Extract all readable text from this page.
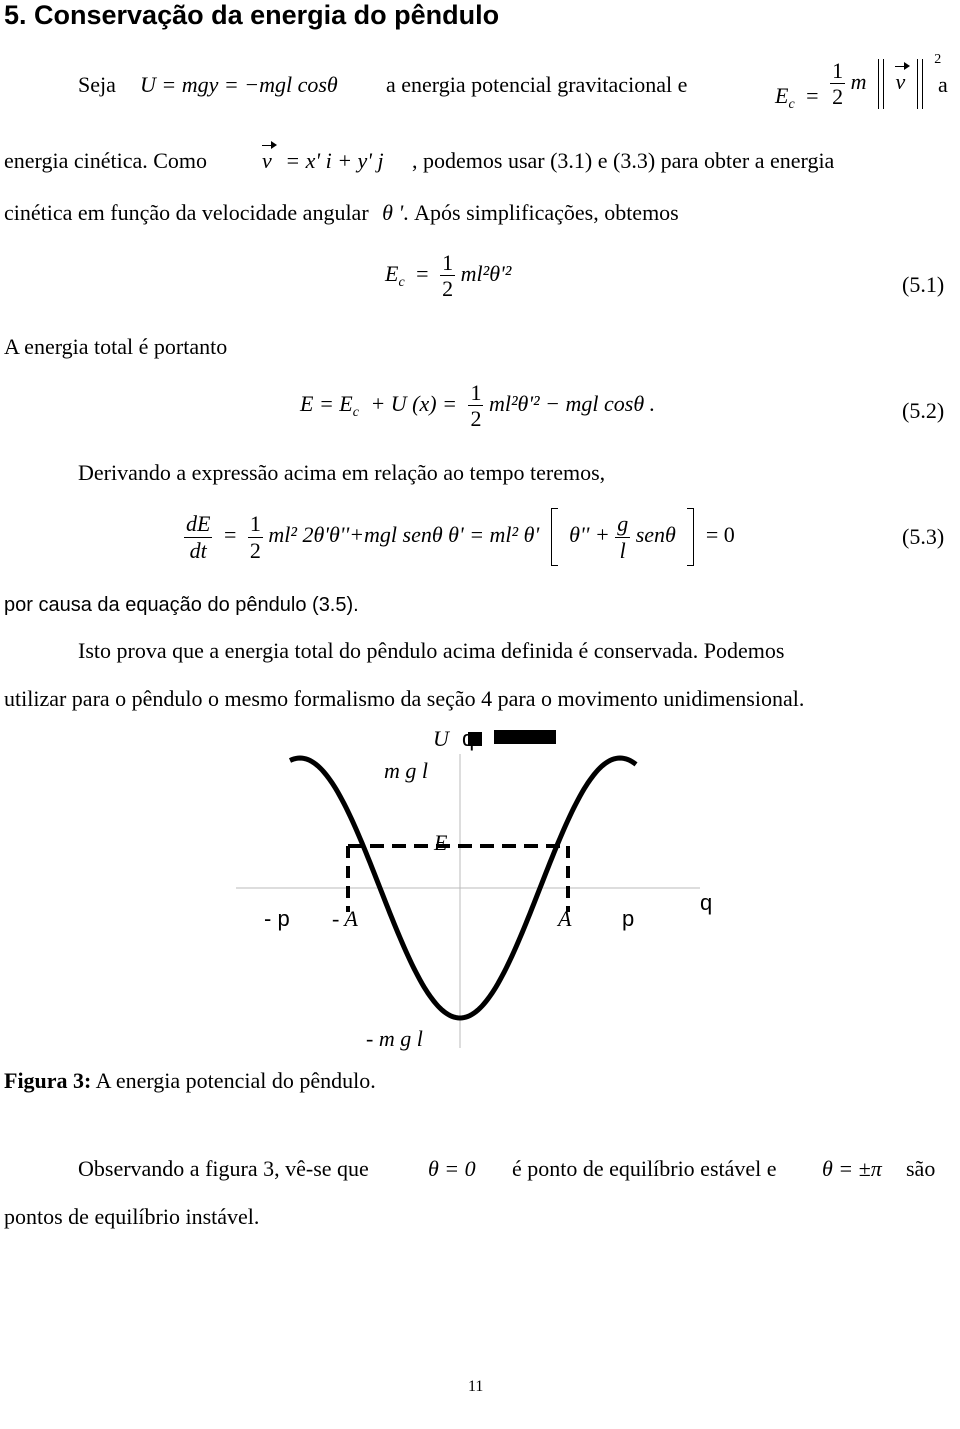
5. Conservação da energia do pêndulo
Seja U = mgy = −mgl cosθ a energia potencial gravitacional e	$E_c = \frac{1}{2}$ m v  $^2$
a
energia cinética. Como v = x' i + y' j , podemos usar (3.1) e (3.3) para obter a energia
cinética em função da velocidade angular θ '. Após simplificações, obtemos
$E_c = \frac{1}{2} ml^2\theta'^2$	(5.1)
A energia total é portanto
$E = E_c + U$ $(x) = \frac{1}{2} ml^2\theta'^2$ − mgl cosθ .	(5.2)
Derivando a expressão acima em relação ao tempo teremos,
$\frac{dE}{dt} = \frac{1}{2} ml^2$ 2θ'θ''+mgl senθ θ' = ml² θ' $\theta'' + \frac{g}{l}$ senθ = 0	(5.3)
por causa da equação do pêndulo (3.5).
Isto prova que a energia total do pêndulo acima definida é conservada. Podemos
utilizar para o pêndulo o mesmo formalismo da seção 4 para o movimento unidimensional.
U q
m g l
E
- p - A	A p
q
- m g l
Figura 3: A energia potencial do pêndulo.
Observando a figura 3, vê-se que	θ = 0 é ponto de equilíbrio estável e θ = ±π são
pontos de equilíbrio instável.
11
